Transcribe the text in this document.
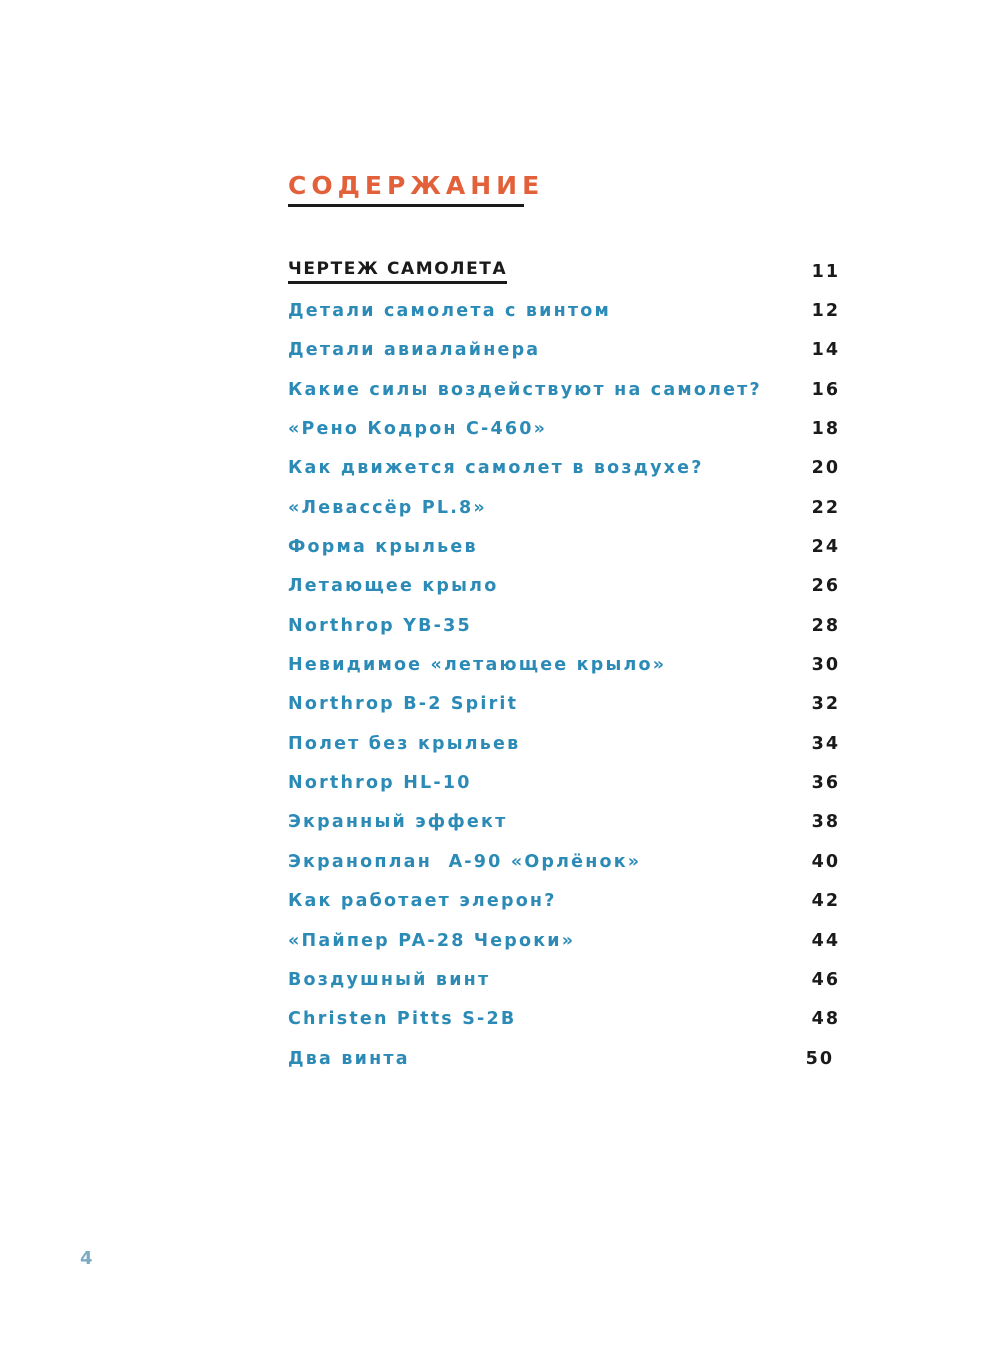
СОДЕРЖАНИЕ
ЧЕРТЕЖ САМОЛЕТА	11
Детали самолета с винтом	12
Детали авиалайнера	14
Какие силы воздействуют на самолет?	16
«Рено Кодрон С-460»	18
Как движется самолет в воздухе?	20
«Левассёр PL.8»	22
Форма крыльев	24
Летающее крыло	26
Northrop YB-35	28
Невидимое «летающее крыло»	30
Northrop B-2 Spirit	32
Полет без крыльев	34
Northrop HL-10	36
Экранный эффект	38
Экраноплан  А-90 «Орлёнок»	40
Как работает элерон?	42
«Пайпер PA-28 Чероки»	44
Воздушный винт	46
Christen Pitts S-2B	48
Два винта	50
4
